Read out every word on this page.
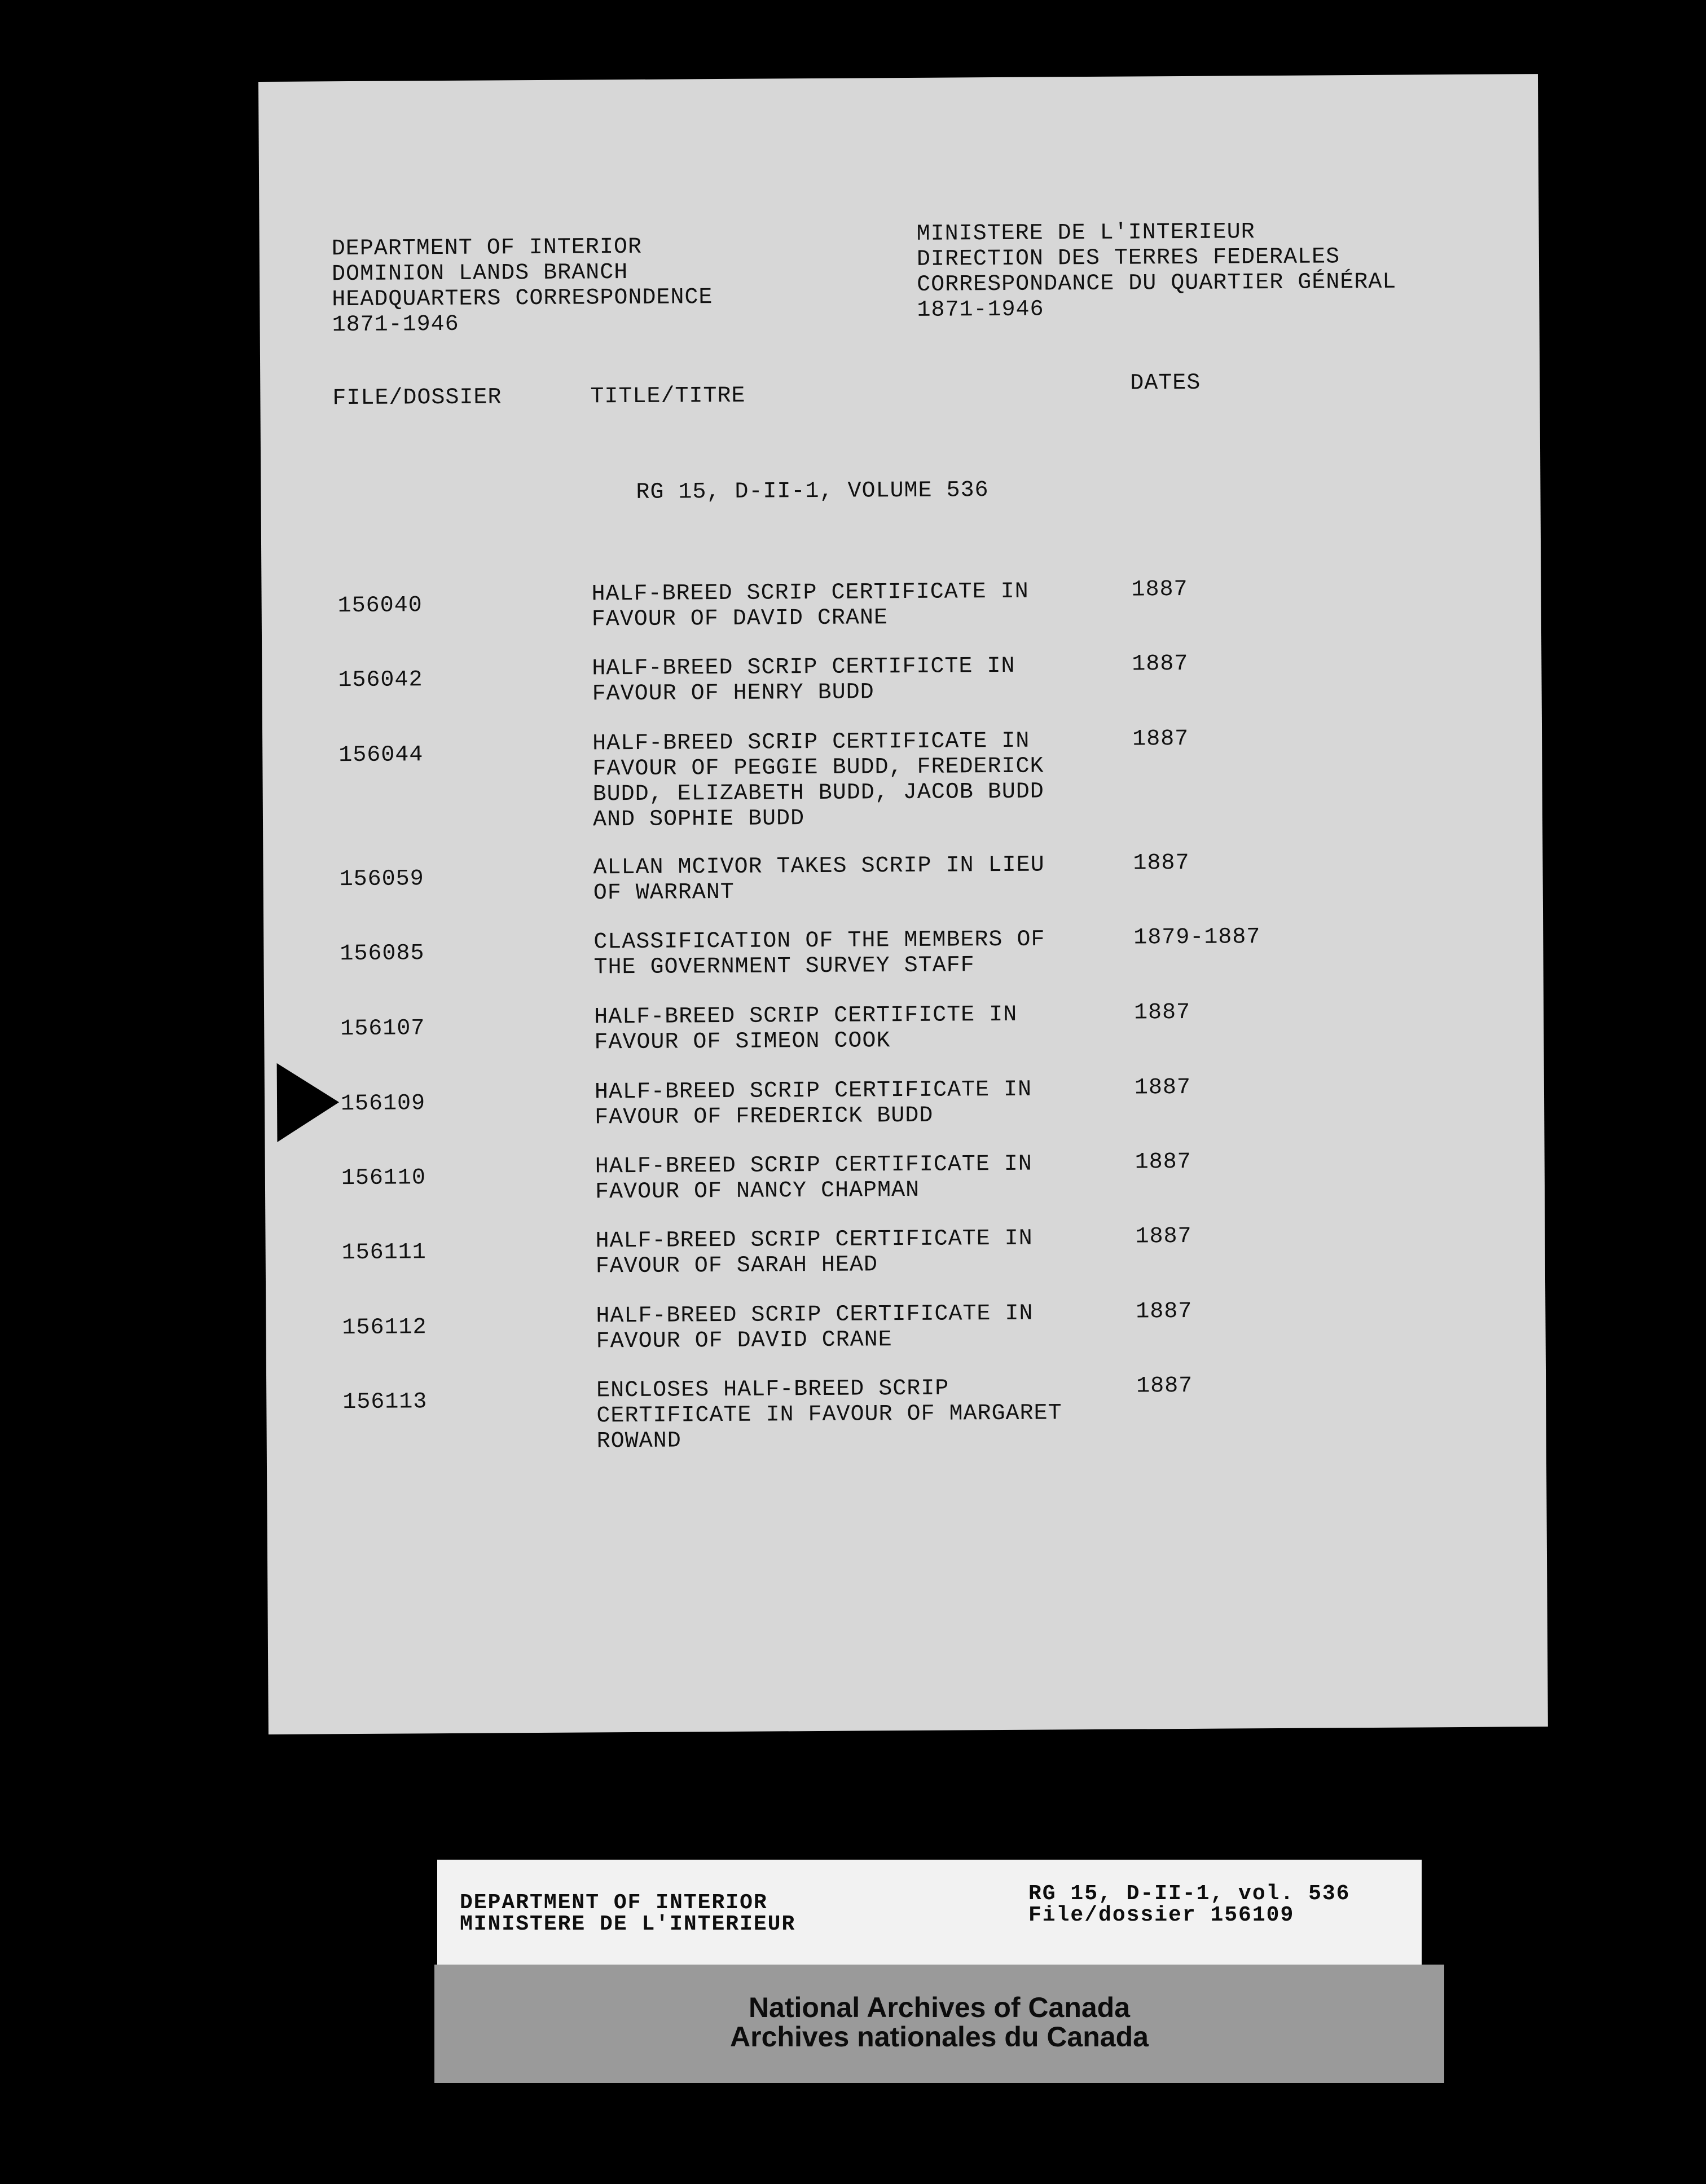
DEPARTMENT OF INTERIOR
DOMINION LANDS BRANCH
HEADQUARTERS CORRESPONDENCE
1871-1946
MINISTERE DE L'INTERIEUR
DIRECTION DES TERRES FEDERALES
CORRESPONDANCE DU QUARTIER GÉNÉRAL
1871-1946
FILE/DOSSIER	TITLE/TITRE
DATES
RG 15, D-II-1, VOLUME 536
156040	HALF-BREED SCRIP CERTIFICATE IN
FAVOUR OF DAVID CRANE
1887
156042	HALF-BREED SCRIP CERTIFICTE IN
FAVOUR OF HENRY BUDD
1887
156044	HALF-BREED SCRIP CERTIFICATE IN
FAVOUR OF PEGGIE BUDD, FREDERICK
BUDD, ELIZABETH BUDD, JACOB BUDD
AND SOPHIE BUDD
1887
156059	ALLAN MCIVOR TAKES SCRIP IN LIEU
OF WARRANT
1887
156085	CLASSIFICATION OF THE MEMBERS OF
THE GOVERNMENT SURVEY STAFF
1879-1887
156107	HALF-BREED SCRIP CERTIFICTE IN
FAVOUR OF SIMEON COOK
1887
156109	HALF-BREED SCRIP CERTIFICATE IN
FAVOUR OF FREDERICK BUDD
1887
156110	HALF-BREED SCRIP CERTIFICATE IN
FAVOUR OF NANCY CHAPMAN
1887
156111	HALF-BREED SCRIP CERTIFICATE IN
FAVOUR OF SARAH HEAD
1887
156112	HALF-BREED SCRIP CERTIFICATE IN
FAVOUR OF DAVID CRANE
1887
156113	ENCLOSES HALF-BREED SCRIP
CERTIFICATE IN FAVOUR OF MARGARET
ROWAND
1887
DEPARTMENT OF INTERIOR
MINISTERE DE L'INTERIEUR
RG 15, D-II-1, vol. 536
File/dossier 156109
National Archives of Canada
Archives nationales du Canada
